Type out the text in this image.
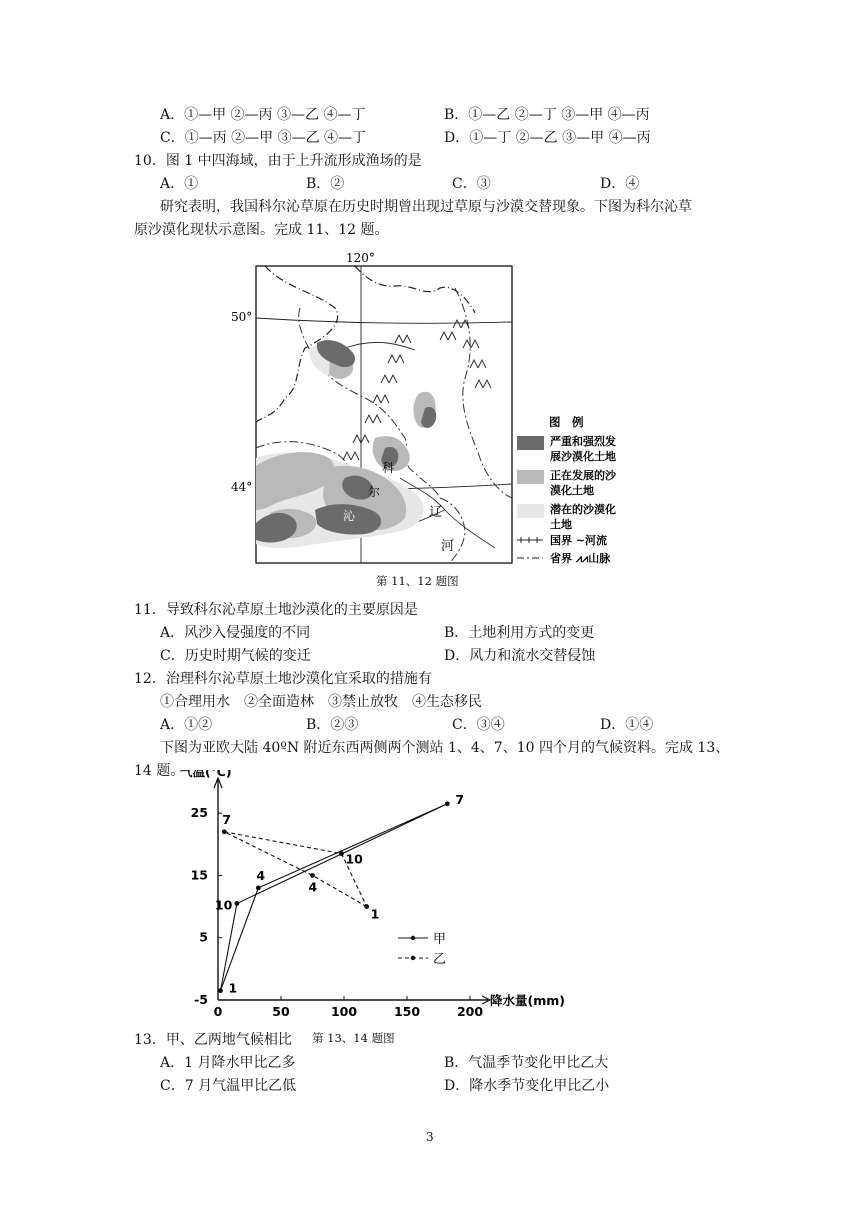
A．①—甲 ②—丙 ③—乙 ④—丁	B．①—乙 ②—丁 ③—甲 ④—丙
C．①—丙 ②—甲 ③—乙 ④—丁	D．①—丁 ②—乙 ③—甲 ④—丙
10．图 1 中四海域，由于上升流形成渔场的是
A．①	B．②	C．③	D．④
研究表明，我国科尔沁草原在历史时期曾出现过草原与沙漠交替现象。下图为科尔沁草
原沙漠化现状示意图。完成 11、12 题。
120°
50°
44°
科
尔
沁	辽
河
图　例
严重和强烈发
展沙漠化土地
正在发展的沙
漠化土地
潜在的沙漠化
土地
国界 ~河流
省界 ⩘⩘山脉
第 11、12 题图
11．导致科尔沁草原土地沙漠化的主要原因是
A．风沙入侵强度的不同	B．土地利用方式的变更
C．历史时期气候的变迁	D．风力和流水交替侵蚀
12．治理科尔沁草原土地沙漠化宜采取的措施有
①合理用水　②全面造林　③禁止放牧　④生态移民
A．①②	B．②③	C．③④	D．①④
下图为亚欧大陆 40ºN 附近东西两侧两个测站 1、4、7、10 四个月的气候资料。完成 13、
14 题。
气温(℃)
降水量(mm)
0	50	100	150	200
-5
5
15
25
1
4
7
10
1
4
7
10
甲
乙
第 13、14 题图
13．甲、乙两地气候相比
A．1 月降水甲比乙多	B．气温季节变化甲比乙大
C．7 月气温甲比乙低	D．降水季节变化甲比乙小
3
